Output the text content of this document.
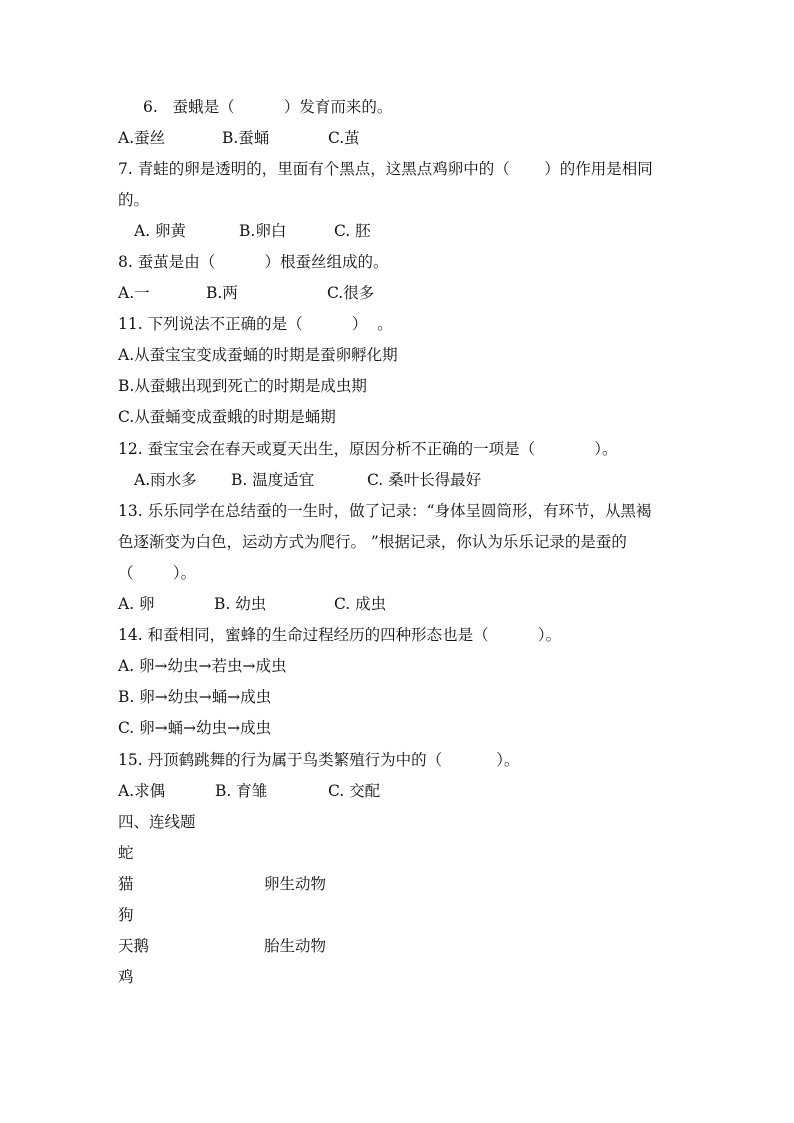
6.   蚕蛾是（          ）发育而来的。
A.蚕丝	B.蚕蛹	C.茧
7. 青蛙的卵是透明的，里面有个黑点，这黑点鸡卵中的（       ）的作用是相同
的。
A. 卵黄	B.卵白	C. 胚
8. 蚕茧是由（          ）根蚕丝组成的。
A.一	B.两	C.很多
11. 下列说法不正确的是（          ）  。
A.从蚕宝宝变成蚕蛹的时期是蚕卵孵化期
B.从蚕蛾出现到死亡的时期是成虫期
C.从蚕蛹变成蚕蛾的时期是蛹期
12. 蚕宝宝会在春天或夏天出生，原因分析不正确的一项是（            ）。
A.雨水多 B. 温度适宜	C. 桑叶长得最好
13. 乐乐同学在总结蚕的一生时，做了记录：“身体呈圆筒形，有环节，从黑褐
色逐渐变为白色，运动方式为爬行。 ”根据记录，你认为乐乐记录的是蚕的
（        ）。
A. 卵	B. 幼虫	C. 成虫
14. 和蚕相同，蜜蜂的生命过程经历的四种形态也是（          ）。
A. 卵→幼虫→若虫→成虫
B. 卵→幼虫→蛹→成虫
C. 卵→蛹→幼虫→成虫
15. 丹顶鹤跳舞的行为属于鸟类繁殖行为中的（           ）。
A.求偶	B. 育雏	C. 交配
四、连线题
蛇
猫	卵生动物
狗
天鹅	胎生动物
鸡
